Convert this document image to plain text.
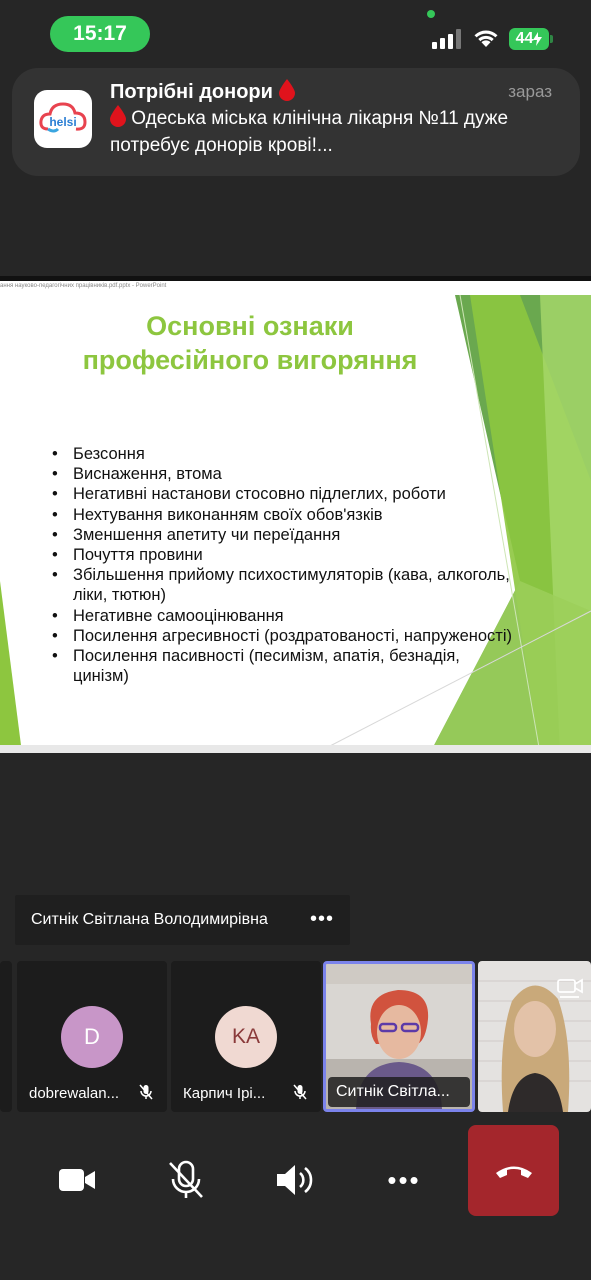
15:17	44
helsi
Потрібні донори	зараз
Одеська міська клінічна лікарня №11 дуже потребує донорів крові!...
ання науково-педагогічних працівників.pdf.pptx - PowerPoint
Основні ознаки
професійного вигоряння
• Безсоння
• Виснаження, втома
• Негативні настанови стосовно підлеглих, роботи
• Нехтування виконанням своїх обов'язків
• Зменшення апетиту чи переїдання
• Почуття провини
• Збільшення прийому психостимуляторів (кава, алкоголь, ліки, тютюн)
• Негативне самооцінювання
• Посилення агресивності (роздратованості, напруженості)
• Посилення пасивності (песимізм, апатія, безнадія, цинізм)
Ситнік Світлана Володимирівна •••
D
dobrewalan...
KA
Карпич Ірі...	Ситнік Світла...
•••
